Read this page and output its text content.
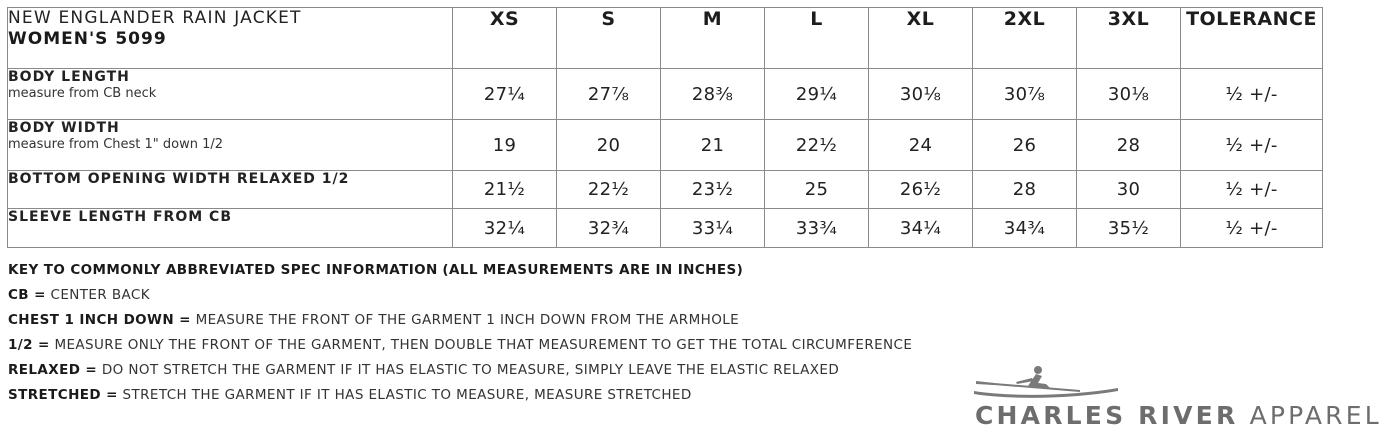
NEW ENGLANDER RAIN JACKET
WOMEN'S 5099	XS	S	M	L	XL	2XL	3XL	TOLERANCE

BODY LENGTH
measure from CB neck	27¼	27⅞	28⅜	29¼	30⅛	30⅞	30⅛	½ +/-

BODY WIDTH
measure from Chest 1" down 1/2	19	20	21	22½	24	26	28	½ +/-

BOTTOM OPENING WIDTH RELAXED 1/2	21½	22½	23½	25	26½	28	30	½ +/-

SLEEVE LENGTH FROM CB	32¼	32¾	33¼	33¾	34¼	34¾	35½	½ +/-
KEY TO COMMONLY ABBREVIATED SPEC INFORMATION (ALL MEASUREMENTS ARE IN INCHES)
CB = CENTER BACK
CHEST 1 INCH DOWN = MEASURE THE FRONT OF THE GARMENT 1 INCH DOWN FROM THE ARMHOLE
1/2 = MEASURE ONLY THE FRONT OF THE GARMENT, THEN DOUBLE THAT MEASUREMENT TO GET THE TOTAL CIRCUMFERENCE
RELAXED = DO NOT STRETCH THE GARMENT IF IT HAS ELASTIC TO MEASURE, SIMPLY LEAVE THE ELASTIC RELAXED
STRETCHED = STRETCH THE GARMENT IF IT HAS ELASTIC TO MEASURE, MEASURE STRETCHED
CHARLES RIVER APPAREL
